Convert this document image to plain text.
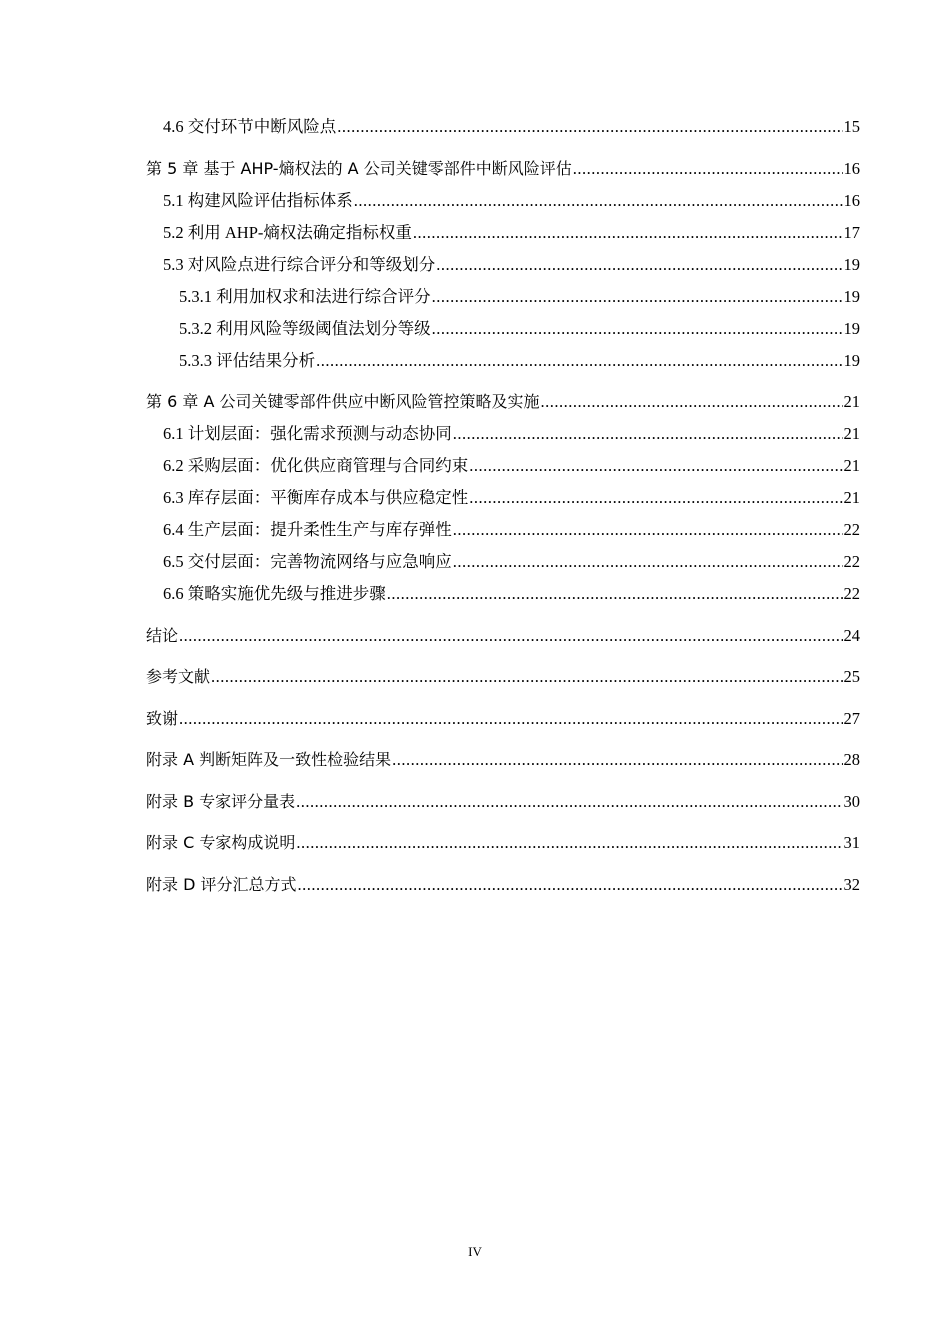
4.6 交付环节中断风险点 .....	15
第 5 章 基于 AHP-熵权法的 A 公司关键零部件中断风险评估 .....	16
5.1 构建风险评估指标体系 .....	16
5.2 利用 AHP-熵权法确定指标权重 .....	17
5.3 对风险点进行综合评分和等级划分 .....	19
5.3.1 利用加权求和法进行综合评分 .....	19
5.3.2 利用风险等级阈值法划分等级 .....	19
5.3.3 评估结果分析 .....	19
第 6 章 A 公司关键零部件供应中断风险管控策略及实施 .....	21
6.1 计划层面：强化需求预测与动态协同 .....	21
6.2 采购层面：优化供应商管理与合同约束 .....	21
6.3 库存层面：平衡库存成本与供应稳定性 .....	21
6.4 生产层面：提升柔性生产与库存弹性 .....	22
6.5 交付层面：完善物流网络与应急响应 .....	22
6.6 策略实施优先级与推进步骤 .....	22
结论 .....	24
参考文献 .....	25
致谢 .....	27
附录 A 判断矩阵及一致性检验结果 .....	28
附录 B 专家评分量表 .....	30
附录 C 专家构成说明 .....	31
附录 D 评分汇总方式 .....	32
IV
